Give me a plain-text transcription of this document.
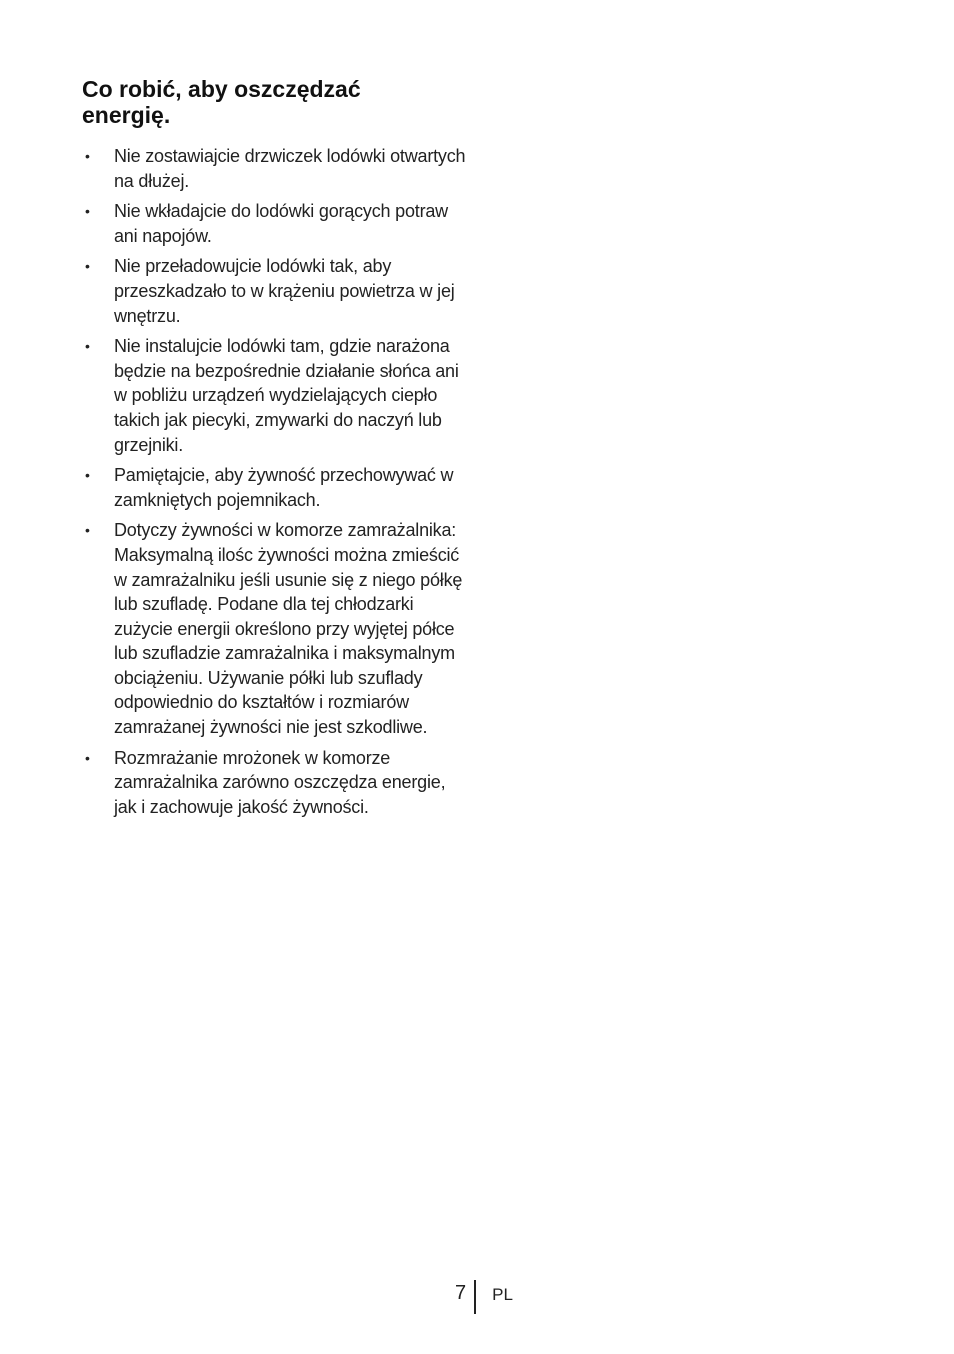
Co robić, aby oszczędzać
energię.
• Nie zostawiajcie drzwiczek lodówki otwartych na dłużej.
• Nie wkładajcie do lodówki gorących potraw ani napojów.
• Nie przeładowujcie lodówki tak, aby przeszkadzało to w krążeniu powietrza w jej wnętrzu.
• Nie instalujcie lodówki tam, gdzie narażona będzie na bezpośrednie działanie słońca ani w pobliżu urządzeń wydzielających ciepło takich jak piecyki, zmywarki do naczyń lub grzejniki.
• Pamiętajcie, aby żywność przechowywać w zamkniętych pojemnikach.
• Dotyczy żywności w komorze zamrażalnika: Maksymalną ilośc żywności można zmieścić w zamrażalniku jeśli usunie się z niego półkę lub szufladę. Podane dla tej chłodzarki zużycie energii określono przy wyjętej półce lub szufladzie zamrażalnika i maksymalnym obciążeniu. Używanie półki lub szuflady odpowiednio do kształtów i rozmiarów zamrażanej żywności nie jest szkodliwe.
• Rozmrażanie mrożonek w komorze zamrażalnika zarówno oszczędza energie, jak i zachowuje jakość żywności.
7 PL
